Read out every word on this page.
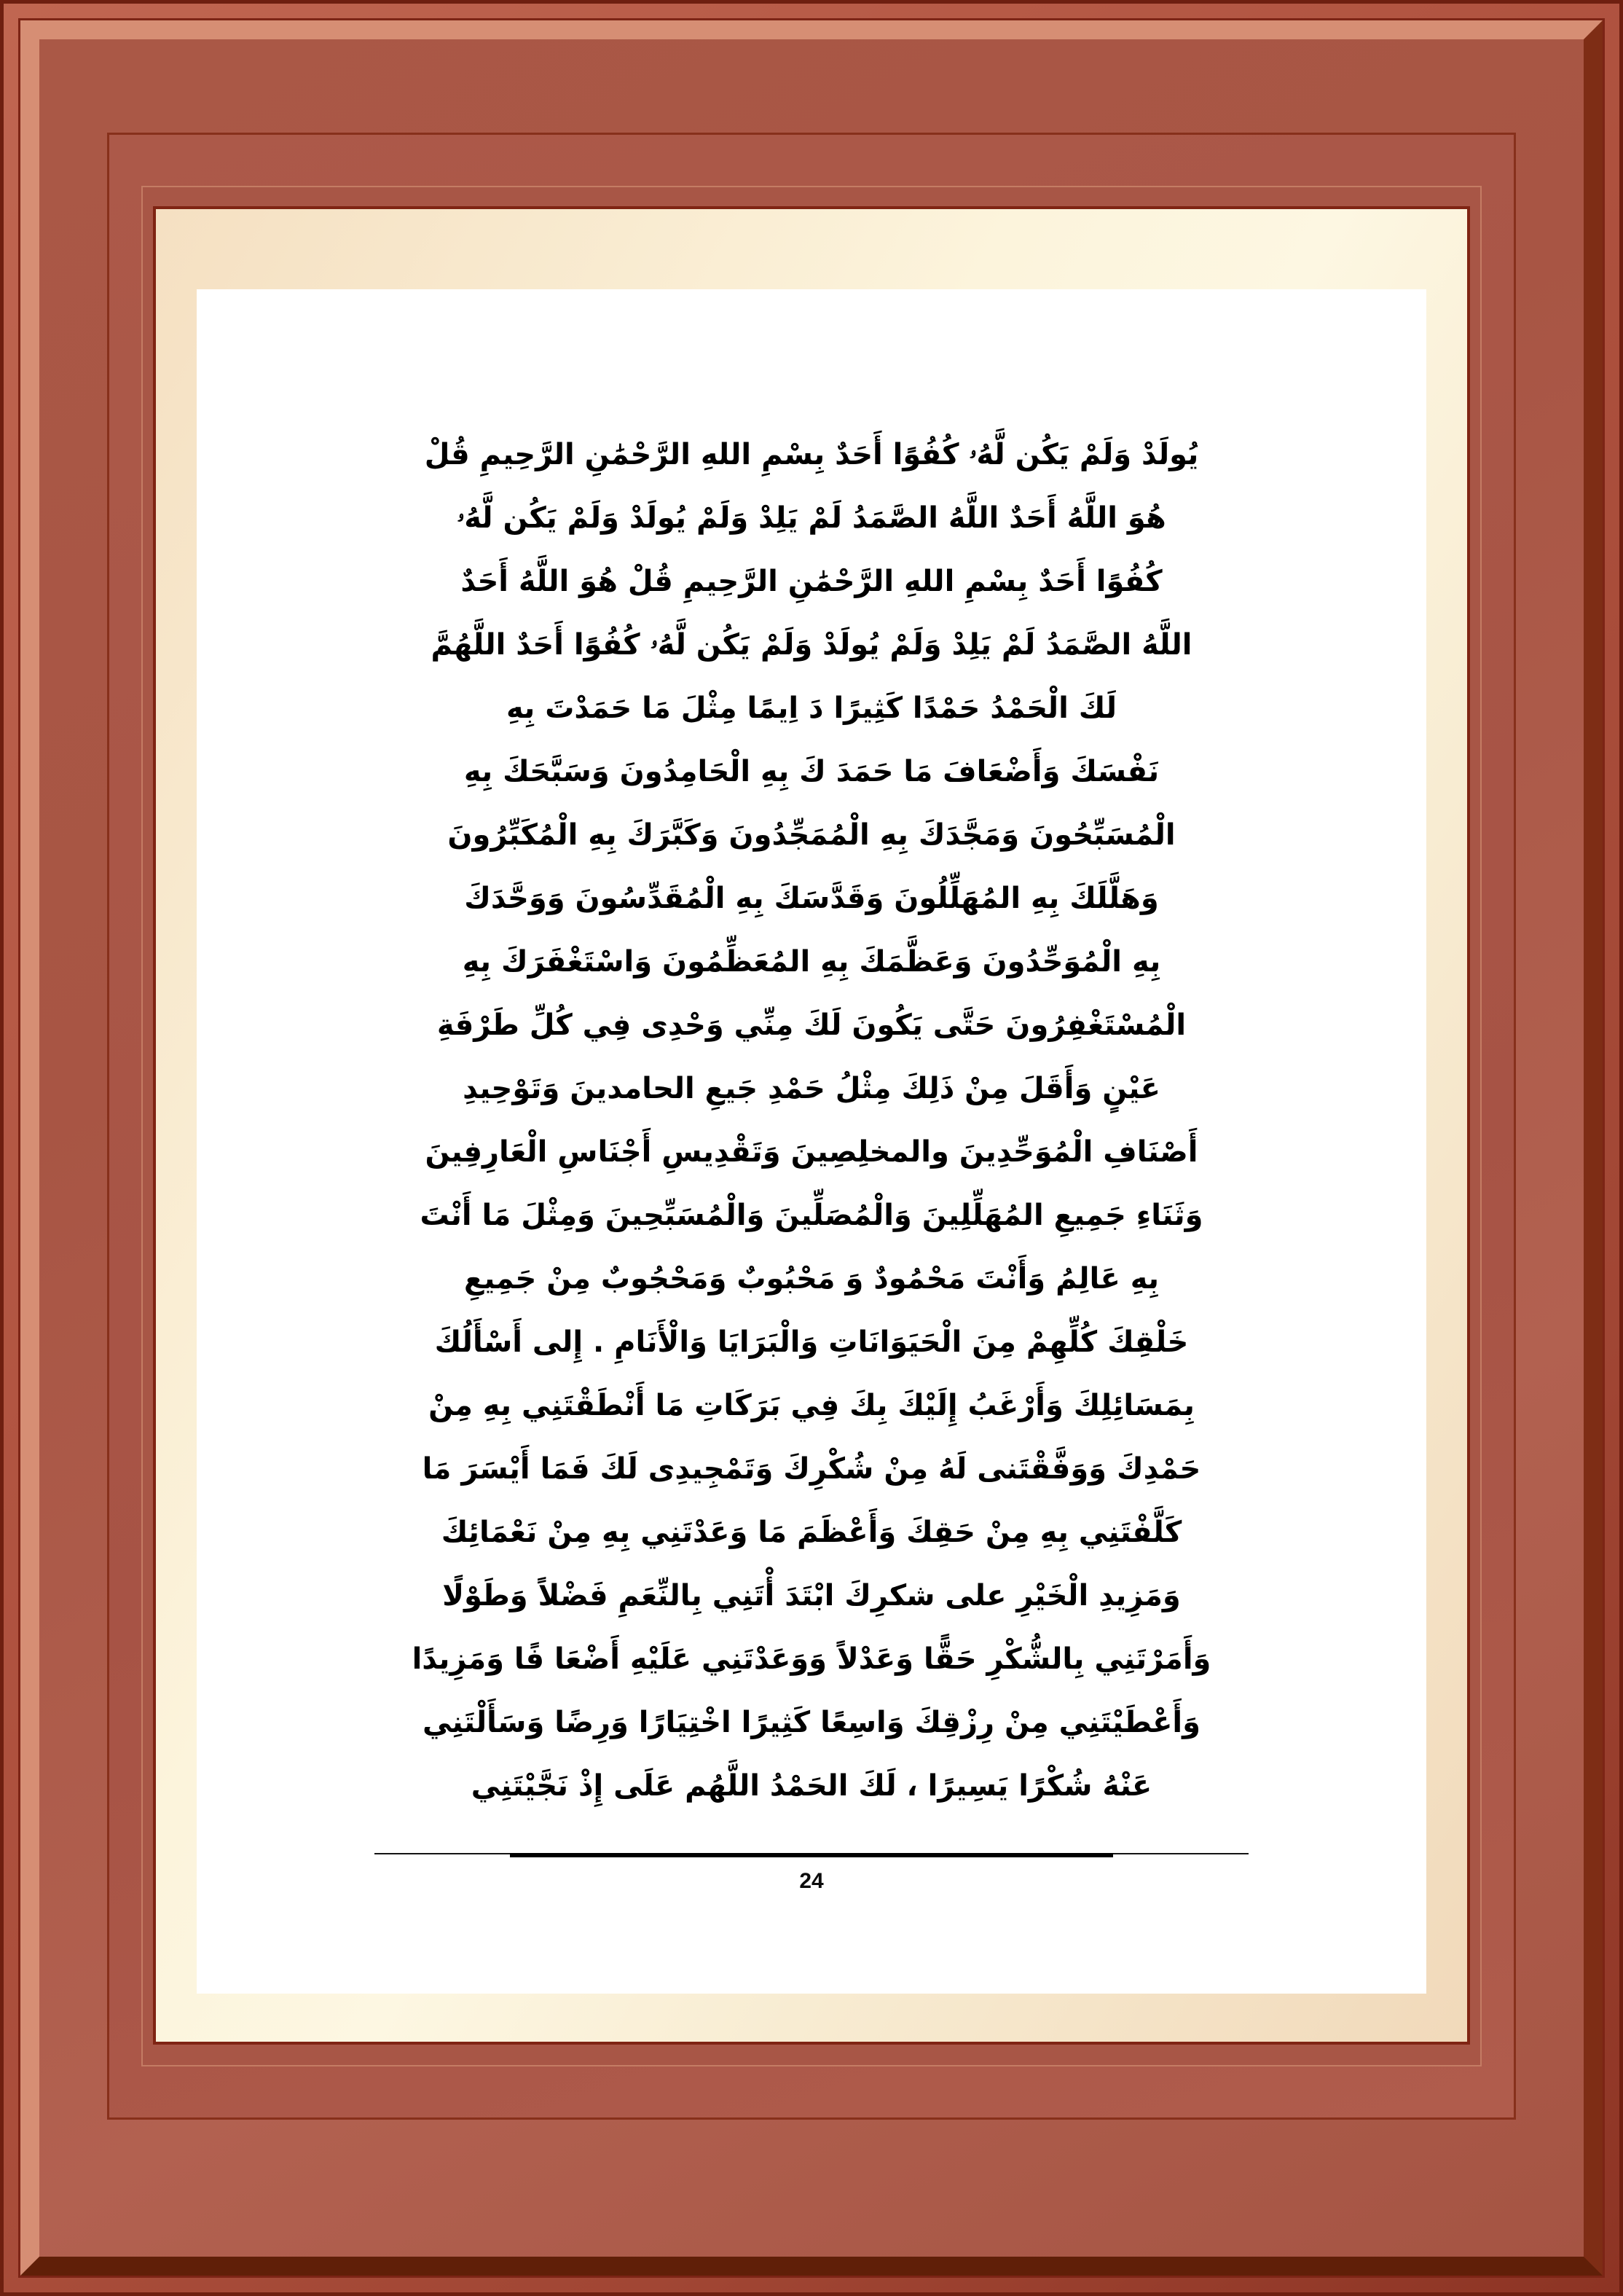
يُولَدْ وَلَمْ يَكُن لَّهُۥ كُفُوًا أَحَدٌ بِسْمِ اللهِ الرَّحْمَٰنِ الرَّحِيمِ قُلْ
هُوَ اللَّهُ أَحَدٌ اللَّهُ الصَّمَدُ لَمْ يَلِدْ وَلَمْ يُولَدْ وَلَمْ يَكُن لَّهُۥ
كُفُوًا أَحَدٌ بِسْمِ اللهِ الرَّحْمَٰنِ الرَّحِيمِ قُلْ هُوَ اللَّهُ أَحَدٌ
اللَّهُ الصَّمَدُ لَمْ يَلِدْ وَلَمْ يُولَدْ وَلَمْ يَكُن لَّهُۥ كُفُوًا أَحَدٌ اللَّهُمَّ
لَكَ الْحَمْدُ حَمْدًا كَثِيرًا دَ اِيمًا مِثْلَ مَا حَمَدْتَ بِهِ
نَفْسَكَ وَأَضْعَافَ مَا حَمَدَ كَ بِهِ الْحَامِدُونَ وَسَبَّحَكَ بِهِ
الْمُسَبِّحُونَ وَمَجَّدَكَ بِهِ الْمُمَجِّدُونَ وَكَبَّرَكَ بِهِ الْمُكَبِّرُونَ
وَهَلَّلَكَ بِهِ المُهَلِّلُونَ وَقَدَّسَكَ بِهِ الْمُقَدِّسُونَ وَوَحَّدَكَ
بِهِ الْمُوَحِّدُونَ وَعَظَّمَكَ بِهِ المُعَظِّمُونَ وَاسْتَغْفَرَكَ بِهِ
الْمُسْتَغْفِرُونَ حَتَّى يَكُونَ لَكَ مِنِّي وَحْدِى فِي كُلِّ طَرْفَةِ
عَيْنٍ وَأَقَلَ مِنْ ذَلِكَ مِثْلُ حَمْدِ جَيعِ الحامدينَ وَتَوْحِيدِ
أَصْنَافِ الْمُوَحِّدِينَ والمخلِصِينَ وَتَقْدِيسِ أَجْنَاسِ الْعَارِفِينَ
وَثَنَاءِ جَمِيعِ المُهَلِّلِينَ وَالْمُصَلِّينَ وَالْمُسَبِّحِينَ وَمِثْلَ مَا أَنْتَ
بِهِ عَالِمُ وَأَنْتَ مَحْمُودٌ وَ مَحْبُوبٌ وَمَحْجُوبٌ مِنْ جَمِيعِ
خَلْقِكَ كُلِّهِمْ مِنَ الْحَيَوَانَاتِ وَالْبَرَايَا وَالْأَنَامِ . إِلى أَسْأَلُكَ
بِمَسَائِلِكَ وَأَرْغَبُ إِلَيْكَ بِكَ فِي بَرَكَاتِ مَا أَنْطَقْتَنِي بِهِ مِنْ
حَمْدِكَ وَوَفَّقْتَنى لَهُ مِنْ شُكْرِكَ وَتَمْجِيدِى لَكَ فَمَا أَيْسَرَ مَا
كَلَّفْتَنِي بِهِ مِنْ حَقِكَ وَأَعْظَمَ مَا وَعَدْتَنِي بِهِ مِنْ نَعْمَائِكَ
وَمَزِيدِ الْخَيْرِ على شكرِكَ ابْتَدَ أْتَنِي بِالنِّعَمِ فَضْلاً وَطَوْلًا
وَأَمَرْتَنِي بِالشُّكْرِ حَقًّا وَعَدْلاً وَوَعَدْتَنِي عَلَيْهِ أَضْعَا فًا وَمَزِيدًا
وَأَعْطَيْتَنِي مِنْ رِزْقِكَ وَاسِعًا كَثِيرًا اخْتِيَارًا وَرِضًا وَسَأَلْتَنِي
عَنْهُ شُكْرًا يَسِيرًا ، لَكَ الحَمْدُ اللَّهُم عَلَى إِذْ نَجَّيْتَنِي
24
